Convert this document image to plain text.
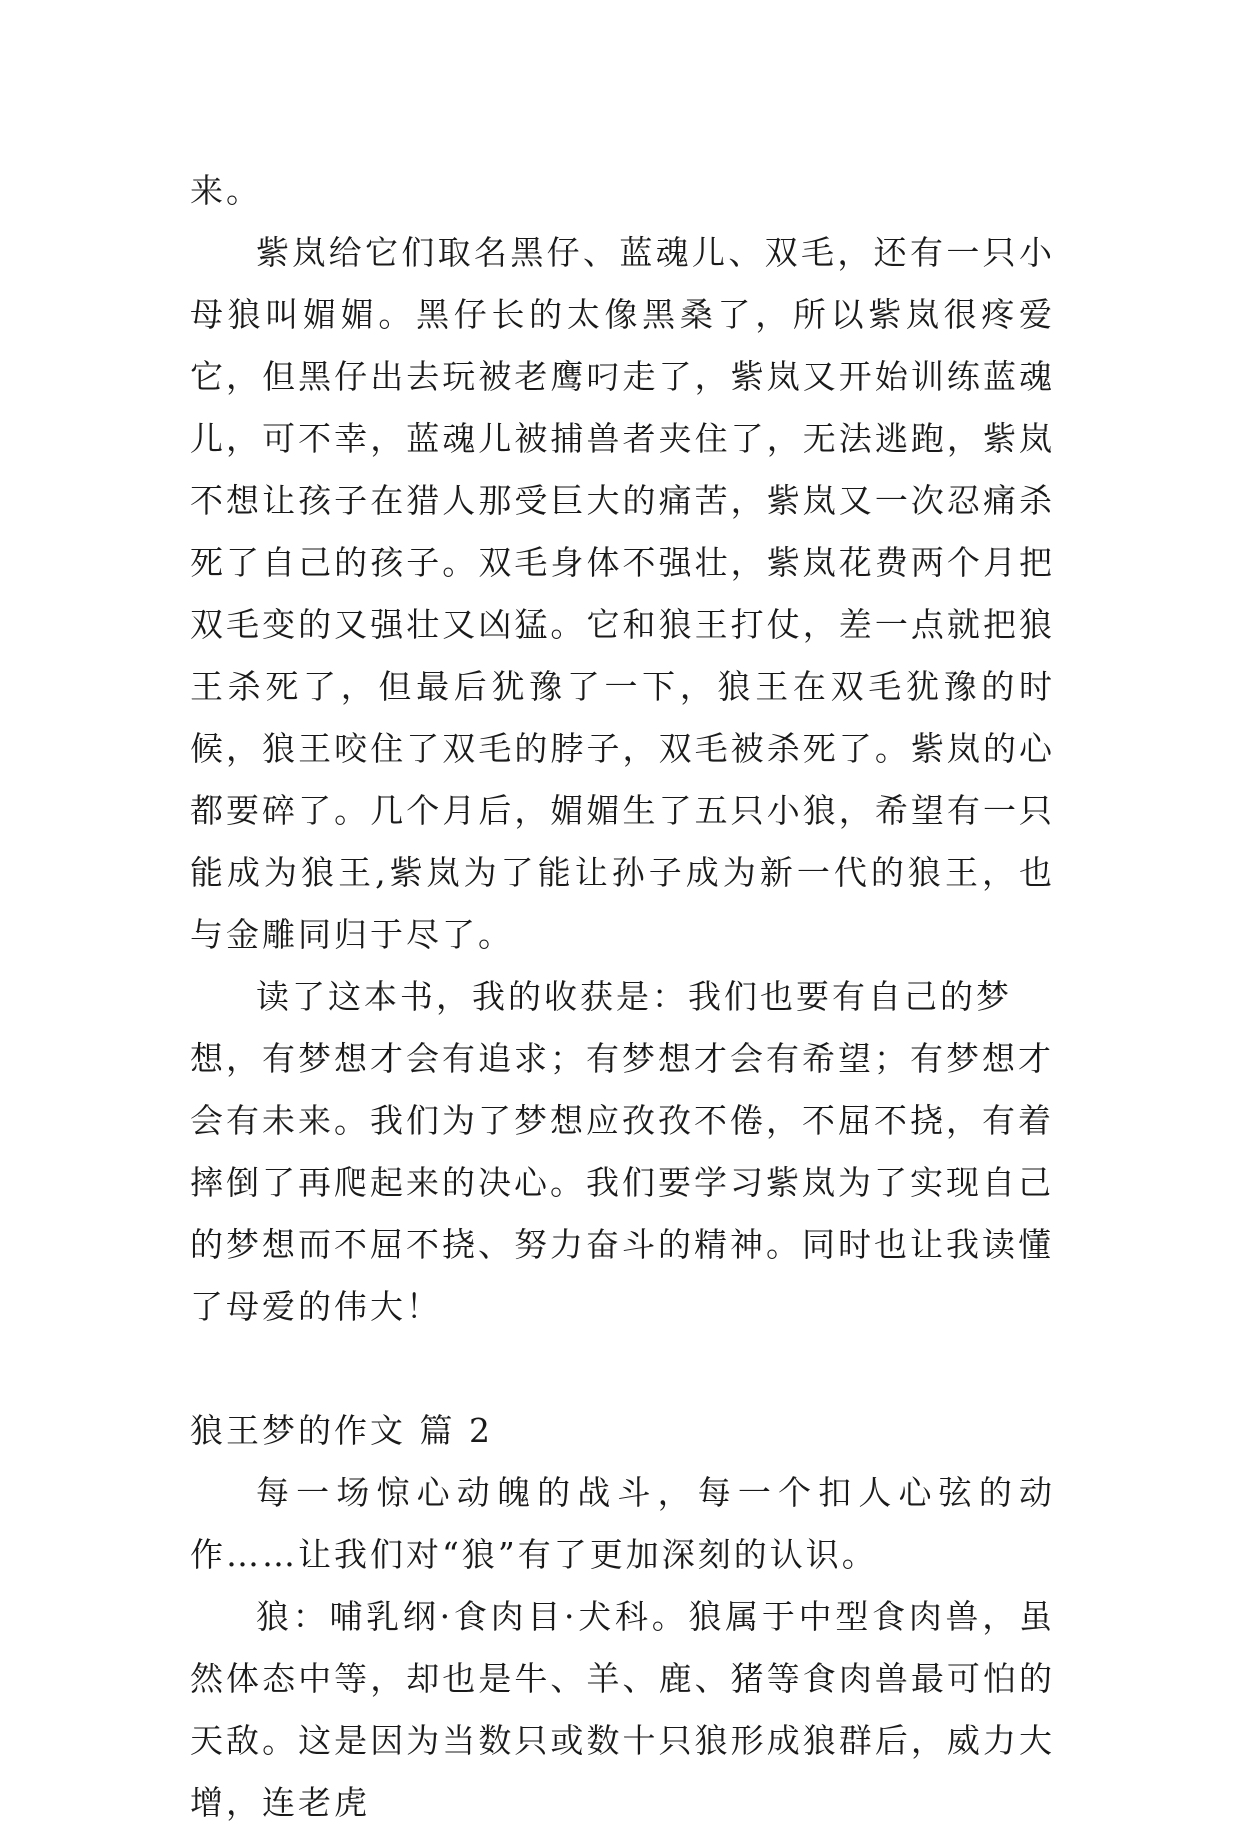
来。

紫岚给它们取名黑仔、蓝魂儿、双毛，还有一只小母狼叫媚媚。黑仔长的太像黑桑了，所以紫岚很疼爱它，但黑仔出去玩被老鹰叼走了，紫岚又开始训练蓝魂儿，可不幸，蓝魂儿被捕兽者夹住了，无法逃跑，紫岚不想让孩子在猎人那受巨大的痛苦，紫岚又一次忍痛杀死了自己的孩子。双毛身体不强壮，紫岚花费两个月把双毛变的又强壮又凶猛。它和狼王打仗，差一点就把狼王杀死了，但最后犹豫了一下，狼王在双毛犹豫的时候，狼王咬住了双毛的脖子，双毛被杀死了。紫岚的心都要碎了。几个月后，媚媚生了五只小狼，希望有一只能成为狼王,紫岚为了能让孙子成为新一代的狼王，也与金雕同归于尽了。

读了这本书，我的收获是：我们也要有自己的梦想，有梦想才会有追求；有梦想才会有希望；有梦想才会有未来。我们为了梦想应孜孜不倦，不屈不挠，有着摔倒了再爬起来的决心。我们要学习紫岚为了实现自己的梦想而不屈不挠、努力奋斗的精神。同时也让我读懂了母爱的伟大！

狼王梦的作文 篇 2

每一场惊心动魄的战斗，每一个扣人心弦的动作……让我们对“狼”有了更加深刻的认识。

狼：哺乳纲·食肉目·犬科。狼属于中型食肉兽，虽然体态中等，却也是牛、羊、鹿、猪等食肉兽最可怕的天敌。这是因为当数只或数十只狼形成狼群后，威力大增，连老虎
